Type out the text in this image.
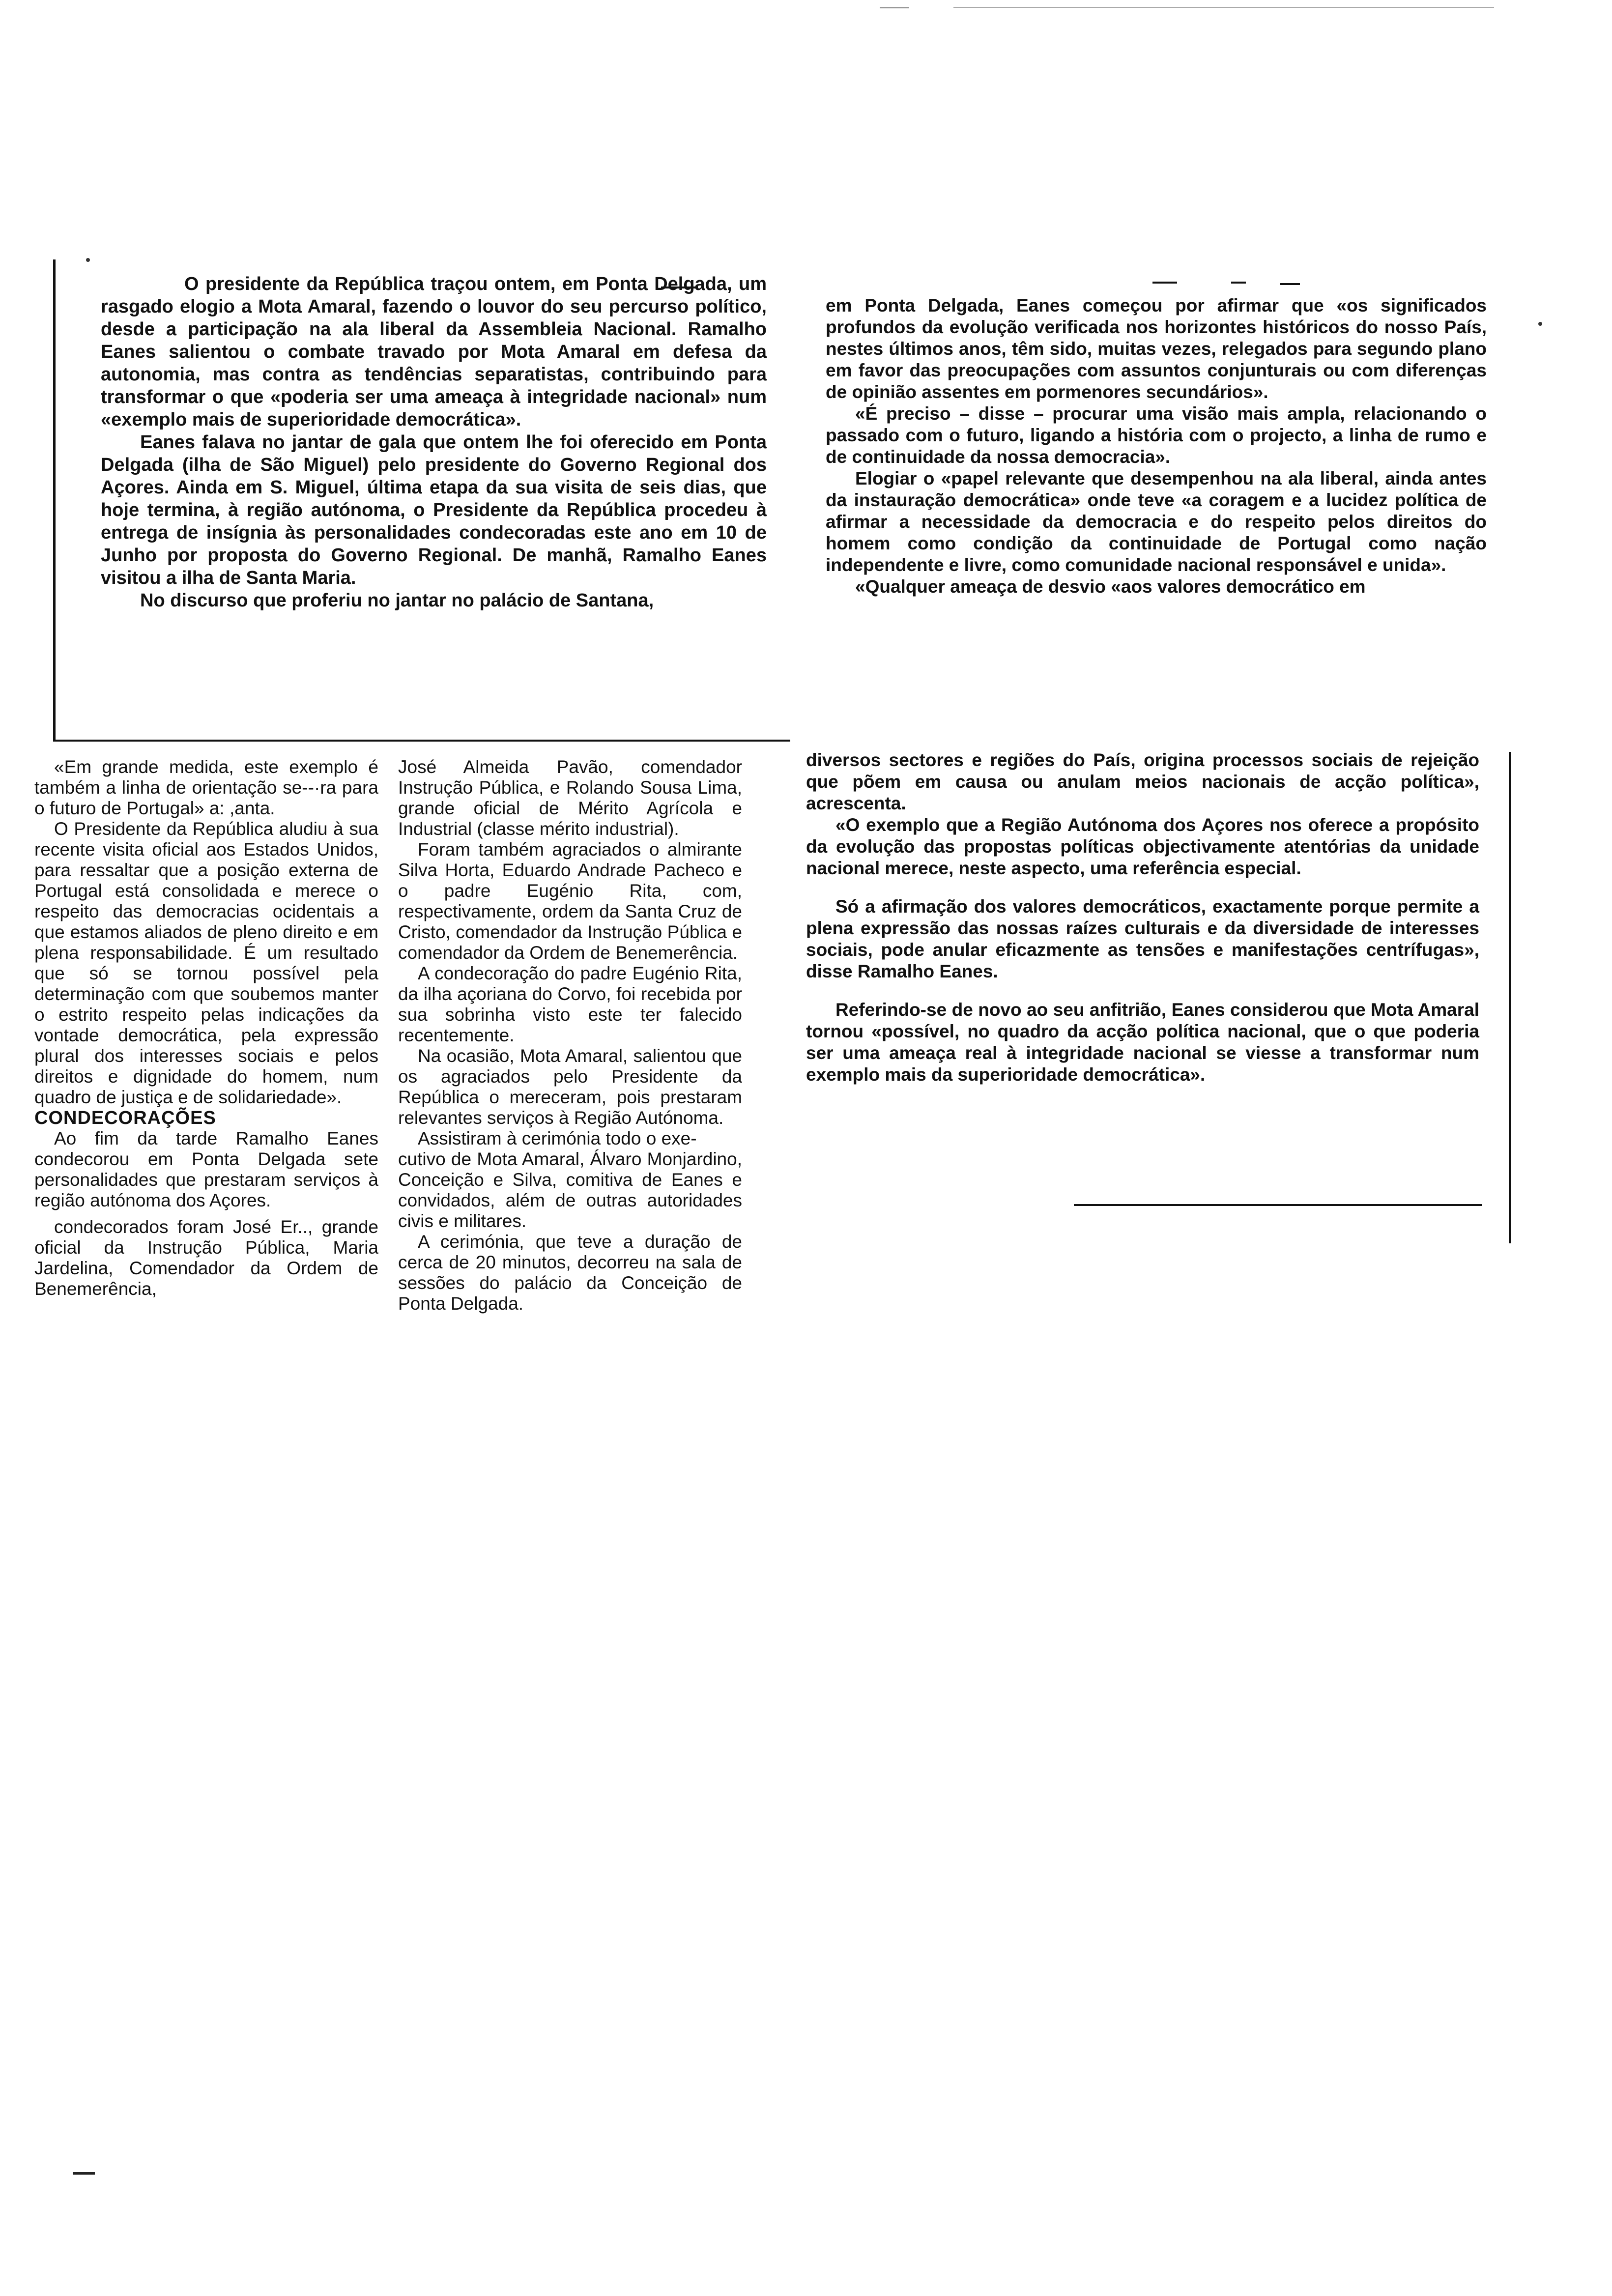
O presidente da República traçou ontem, em Ponta Delgada, um rasgado elogio a Mota Amaral, fazendo o louvor do seu percurso político, desde a participação na ala liberal da Assembleia Nacional. Ramalho Eanes salientou o combate travado por Mota Amaral em defesa da autonomia, mas contra as tendências separatistas, contribuindo para transformar o que «poderia ser uma ameaça à integridade nacional» num «exemplo mais de superioridade democrática».

Eanes falava no jantar de gala que ontem lhe foi oferecido em Ponta Delgada (ilha de São Miguel) pelo presidente do Governo Regional dos Açores. Ainda em S. Miguel, última etapa da sua visita de seis dias, que hoje termina, à região autónoma, o Presidente da República procedeu à entrega de insígnia às personalidades condecoradas este ano em 10 de Junho por proposta do Governo Regional. De manhã, Ramalho Eanes visitou a ilha de Santa Maria.

No discurso que proferiu no jantar no palácio de Santana,

«Em grande medida, este exemplo é também a linha de orientação se--·ra para o futuro de Portugal» a: ,anta.

O Presidente da República aludiu à sua recente visita oficial aos Estados Unidos, para ressaltar que a posição externa de Portugal está consolidada e merece o respeito das democracias ocidentais a que estamos aliados de pleno direito e em plena responsabilidade. É um resultado que só se tornou possível pela determinação com que soubemos manter o estrito respeito pelas indicações da vontade democrática, pela expressão plural dos interesses sociais e pelos direitos e dignidade do homem, num quadro de justiça e de solidariedade».

CONDECORAÇÕES

Ao fim da tarde Ramalho Eanes condecorou em Ponta Delgada sete personalidades que prestaram serviços à região autónoma dos Açores.

condecorados foram José Er.., grande oficial da Instrução Pública, Maria Jardelina, Comendador da Ordem de Benemerência,

José Almeida Pavão, comendador Instrução Pública, e Rolando Sousa Lima, grande oficial de Mérito Agrícola e Industrial (classe mérito industrial).

Foram também agraciados o almirante Silva Horta, Eduardo Andrade Pacheco e o padre Eugénio Rita, com, respectivamente, ordem da Santa Cruz de Cristo, comendador da Instrução Pública e comendador da Ordem de Benemerência.

A condecoração do padre Eugénio Rita, da ilha açoriana do Corvo, foi recebida por sua sobrinha visto este ter falecido recentemente.

Na ocasião, Mota Amaral, salientou que os agraciados pelo Presidente da República o mereceram, pois prestaram relevantes serviços à Região Autónoma.

Assistiram à cerimónia todo o exe-

cutivo de Mota Amaral, Álvaro Monjardino, Conceição e Silva, comitiva de Eanes e convidados, além de outras autoridades civis e militares.

A cerimónia, que teve a duração de cerca de 20 minutos, decorreu na sala de sessões do palácio da Conceição de Ponta Delgada.

em Ponta Delgada, Eanes começou por afirmar que «os significados profundos da evolução verificada nos horizontes históricos do nosso País, nestes últimos anos, têm sido, muitas vezes, relegados para segundo plano em favor das preocupações com assuntos conjunturais ou com diferenças de opinião assentes em pormenores secundários».

«É preciso – disse – procurar uma visão mais ampla, relacionando o passado com o futuro, ligando a história com o projecto, a linha de rumo e de continuidade da nossa democracia».

Elogiar o «papel relevante que desempenhou na ala liberal, ainda antes da instauração democrática» onde teve «a coragem e a lucidez política de afirmar a necessidade da democracia e do respeito pelos direitos do homem como condição da continuidade de Portugal como nação independente e livre, como comunidade nacional responsável e unida».

«Qualquer ameaça de desvio «aos valores democrático em

diversos sectores e regiões do País, origina processos sociais de rejeição que põem em causa ou anulam meios nacionais de acção política», acrescenta.

«O exemplo que a Região Autónoma dos Açores nos oferece a propósito da evolução das propostas políticas objectivamente atentórias da unidade nacional merece, neste aspecto, uma referência especial.

Só a afirmação dos valores democráticos, exactamente porque permite a plena expressão das nossas raízes culturais e da diversidade de interesses sociais, pode anular eficazmente as tensões e manifestações centrífugas», disse Ramalho Eanes.

Referindo-se de novo ao seu anfitrião, Eanes considerou que Mota Amaral tornou «possível, no quadro da acção política nacional, que o que poderia ser uma ameaça real à integridade nacional se viesse a transformar num exemplo mais da superioridade democrática».
